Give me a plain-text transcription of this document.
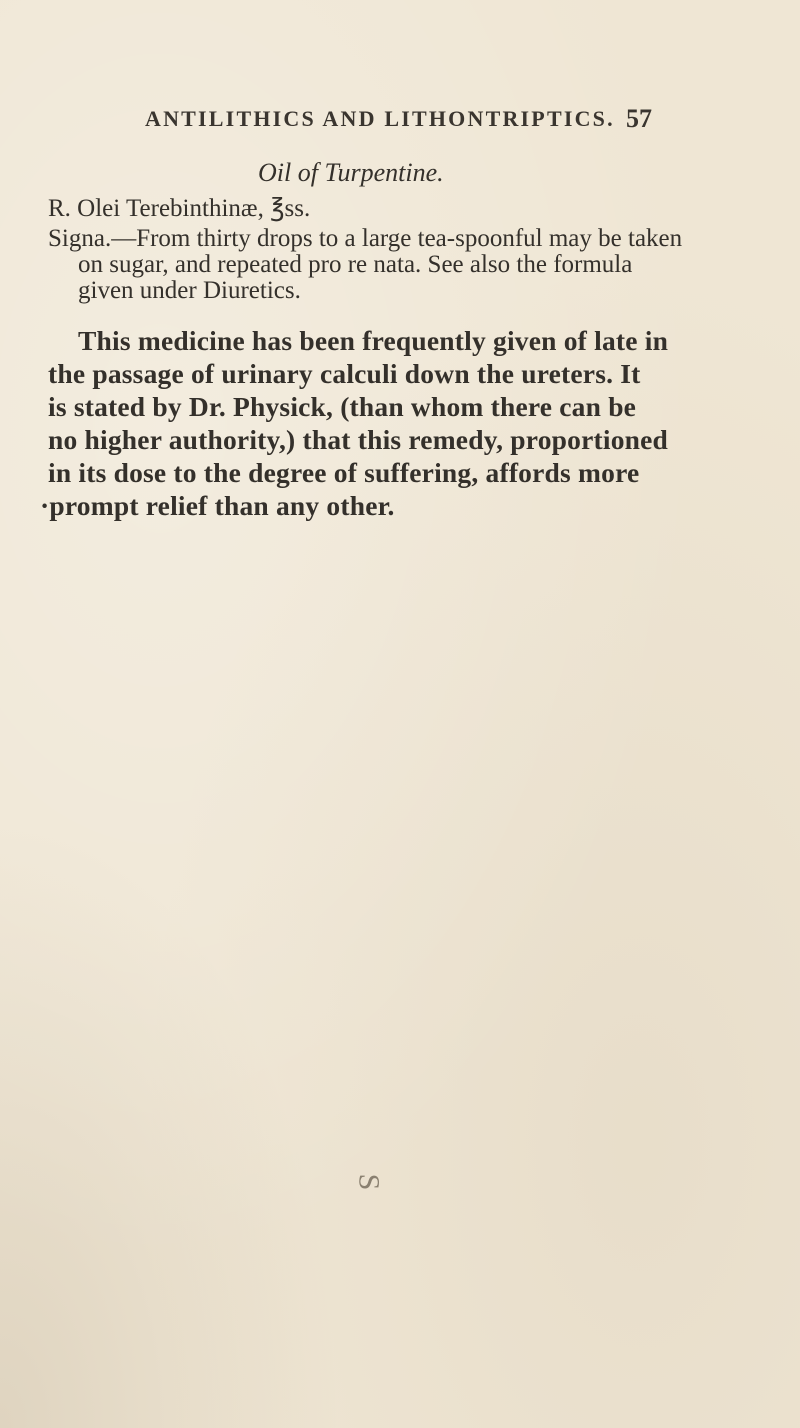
ANTILITHICS AND LITHONTRIPTICS. 57
Oil of Turpentine.
R. Olei Terebinthinæ, ℥ss.
Signa.—From thirty drops to a large tea-spoonful may be taken
on sugar, and repeated pro re nata. See also the formula
given under Diuretics.
This medicine has been frequently given of late in
the passage of urinary calculi down the ureters. It
is stated by Dr. Physick, (than whom there can be
no higher authority,) that this remedy, proportioned
in its dose to the degree of suffering, affords more
·prompt relief than any other.
S
